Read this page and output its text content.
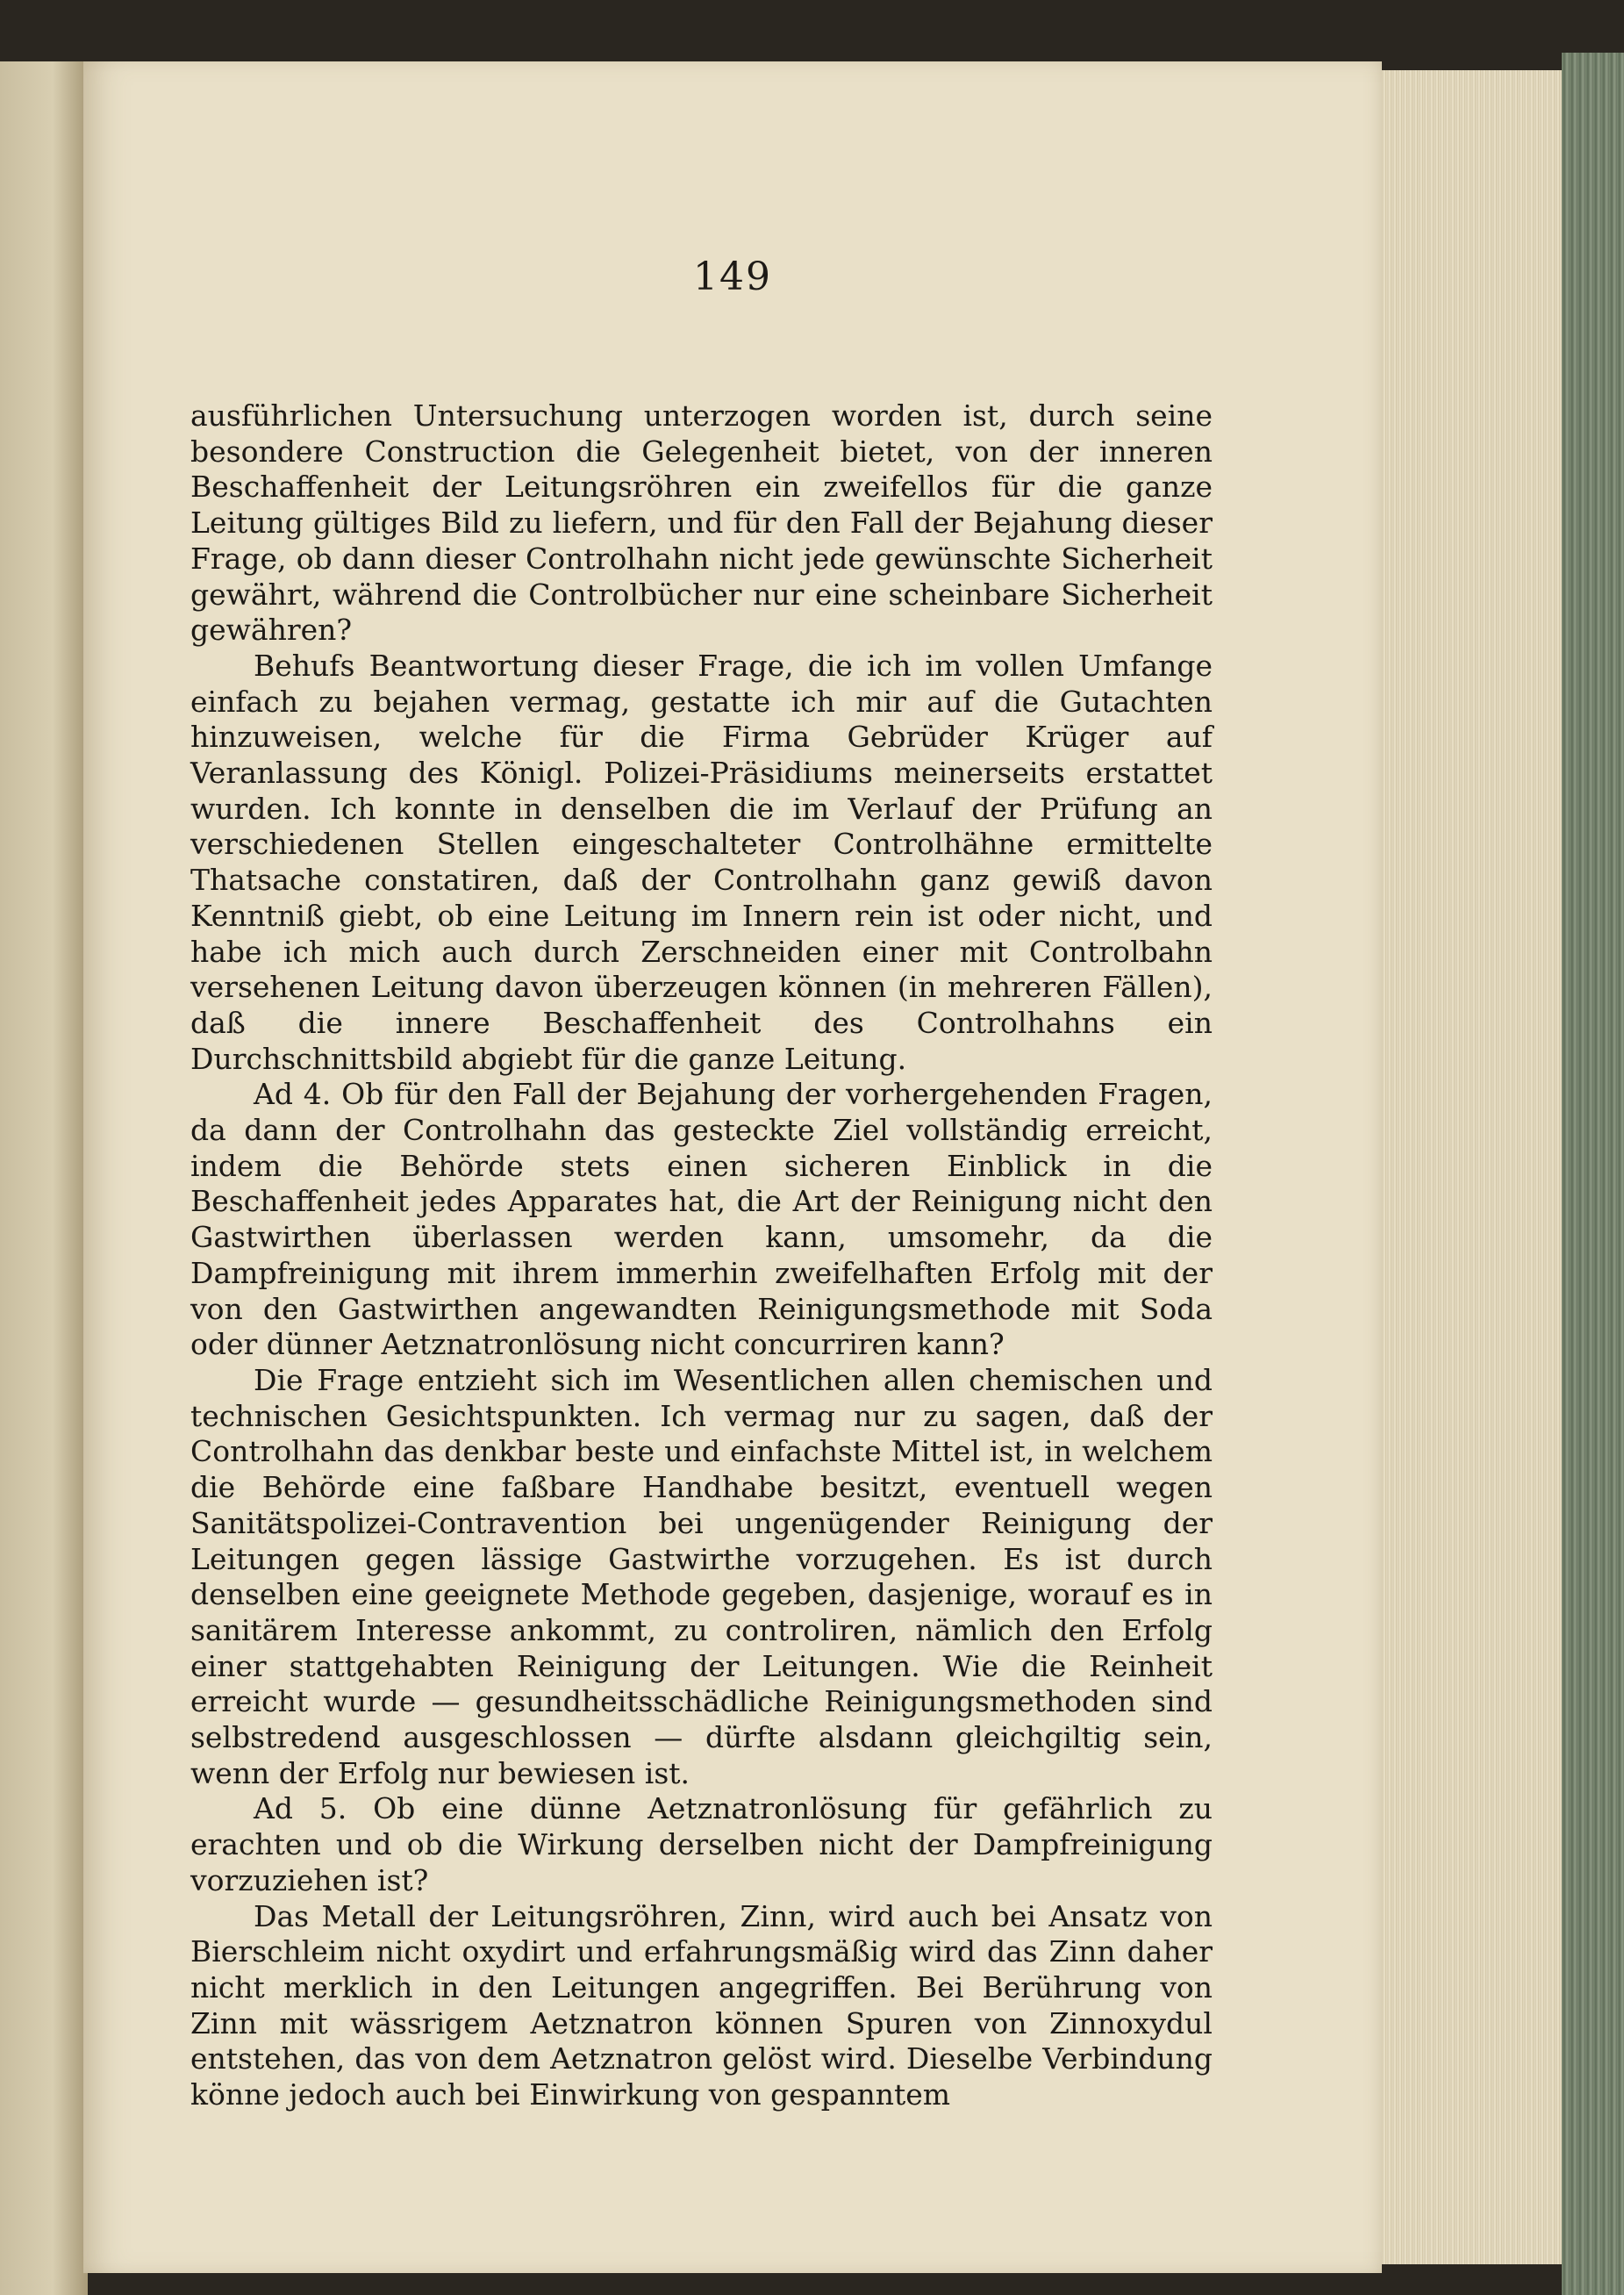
149

ausführlichen Untersuchung unterzogen worden ist, durch seine besondere Construction die Gelegenheit bietet, von der inneren Beschaffenheit der Leitungsröhren ein zweifellos für die ganze Leitung gültiges Bild zu liefern, und für den Fall der Bejahung dieser Frage, ob dann dieser Controlhahn nicht jede gewünschte Sicherheit gewährt, während die Controlbücher nur eine scheinbare Sicherheit gewähren?

Behufs Beantwortung dieser Frage, die ich im vollen Umfange einfach zu bejahen vermag, gestatte ich mir auf die Gutachten hinzuweisen, welche für die Firma Gebrüder Krüger auf Veranlassung des Königl. Polizei-Präsidiums meinerseits erstattet wurden. Ich konnte in denselben die im Verlauf der Prüfung an verschiedenen Stellen eingeschalteter Controlhähne ermittelte Thatsache constatiren, daß der Controlhahn ganz gewiß davon Kenntniß giebt, ob eine Leitung im Innern rein ist oder nicht, und habe ich mich auch durch Zerschneiden einer mit Controlbahn versehenen Leitung davon überzeugen können (in mehreren Fällen), daß die innere Beschaffenheit des Controlhahns ein Durchschnittsbild abgiebt für die ganze Leitung.

Ad 4. Ob für den Fall der Bejahung der vorhergehenden Fragen, da dann der Controlhahn das gesteckte Ziel vollständig erreicht, indem die Behörde stets einen sicheren Einblick in die Beschaffenheit jedes Apparates hat, die Art der Reinigung nicht den Gastwirthen überlassen werden kann, umsomehr, da die Dampfreinigung mit ihrem immerhin zweifelhaften Erfolg mit der von den Gastwirthen angewandten Reinigungsmethode mit Soda oder dünner Aetznatronlösung nicht concurriren kann?

Die Frage entzieht sich im Wesentlichen allen chemischen und technischen Gesichtspunkten. Ich vermag nur zu sagen, daß der Controlhahn das denkbar beste und einfachste Mittel ist, in welchem die Behörde eine faßbare Handhabe besitzt, eventuell wegen Sanitätspolizei-Contravention bei ungenügender Reinigung der Leitungen gegen lässige Gastwirthe vorzugehen. Es ist durch denselben eine geeignete Methode gegeben, dasjenige, worauf es in sanitärem Interesse ankommt, zu controliren, nämlich den Erfolg einer stattgehabten Reinigung der Leitungen. Wie die Reinheit erreicht wurde — gesundheitsschädliche Reinigungsmethoden sind selbstredend ausgeschlossen — dürfte alsdann gleichgiltig sein, wenn der Erfolg nur bewiesen ist.

Ad 5. Ob eine dünne Aetznatronlösung für gefährlich zu erachten und ob die Wirkung derselben nicht der Dampfreinigung vorzuziehen ist?

Das Metall der Leitungsröhren, Zinn, wird auch bei Ansatz von Bierschleim nicht oxydirt und erfahrungsmäßig wird das Zinn daher nicht merklich in den Leitungen angegriffen. Bei Berührung von Zinn mit wässrigem Aetznatron können Spuren von Zinnoxydul entstehen, das von dem Aetznatron gelöst wird. Dieselbe Verbindung könne jedoch auch bei Einwirkung von gespanntem
